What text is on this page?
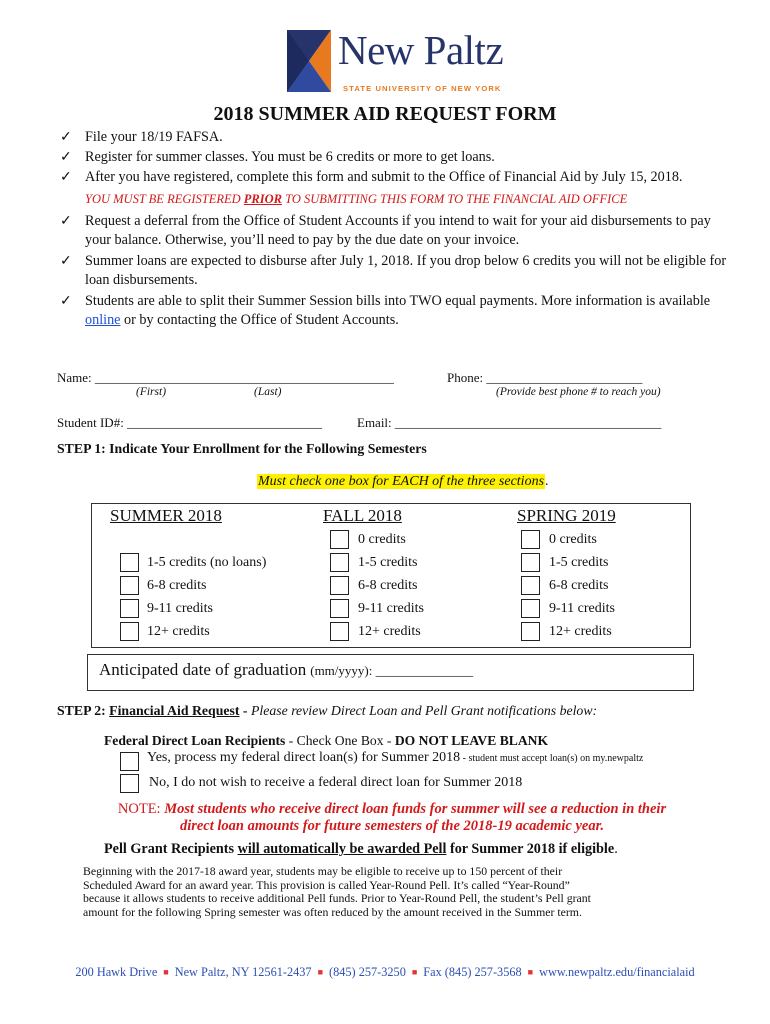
New Paltz
STATE UNIVERSITY OF NEW YORK
2018 SUMMER AID REQUEST FORM
✓ File your 18/19 FAFSA.
✓ Register for summer classes. You must be 6 credits or more to get loans.
✓ After you have registered, complete this form and submit to the Office of Financial Aid by July 15, 2018.
YOU MUST BE REGISTERED PRIOR TO SUBMITTING THIS FORM TO THE FINANCIAL AID OFFICE
✓ Request a deferral from the Office of Student Accounts if you intend to wait for your aid disbursements to pay your balance. Otherwise, you’ll need to pay by the due date on your invoice.
✓ Summer loans are expected to disburse after July 1, 2018. If you drop below 6 credits you will not be eligible for loan disbursements.
✓ Students are able to split their Summer Session bills into TWO equal payments. More information is available online or by contacting the Office of Student Accounts.
Name: ______________________________________________
(First)	(Last)
Phone: ________________________
(Provide best phone # to reach you)
Student ID#: ______________________________	Email: _________________________________________
STEP 1: Indicate Your Enrollment for the Following Semesters
Must check one box for EACH of the three sections.
SUMMER 2018
1-5 credits (no loans)
6-8 credits
9-11 credits
12+ credits
FALL 2018
0 credits
1-5 credits
6-8 credits
9-11 credits
12+ credits
SPRING 2019
0 credits
1-5 credits
6-8 credits
9-11 credits
12+ credits
Anticipated date of graduation (mm/yyyy): _______________
STEP 2: Financial Aid Request - Please review Direct Loan and Pell Grant notifications below:
Federal Direct Loan Recipients - Check One Box - DO NOT LEAVE BLANK
Yes, process my federal direct loan(s) for Summer 2018 - student must accept loan(s) on my.newpaltz
No, I do not wish to receive a federal direct loan for Summer 2018
NOTE: Most students who receive direct loan funds for summer will see a reduction in their
direct loan amounts for future semesters of the 2018-19 academic year.
Pell Grant Recipients will automatically be awarded Pell for Summer 2018 if eligible.
Beginning with the 2017-18 award year, students may be eligible to receive up to 150 percent of their
Scheduled Award for an award year. This provision is called Year-Round Pell. It’s called “Year-Round”
because it allows students to receive additional Pell funds. Prior to Year-Round Pell, the student’s Pell grant
amount for the following Spring semester was often reduced by the amount received in the Summer term.
200 Hawk Drive ■ New Paltz, NY 12561-2437 ■ (845) 257-3250 ■ Fax (845) 257-3568 ■ www.newpaltz.edu/financialaid
